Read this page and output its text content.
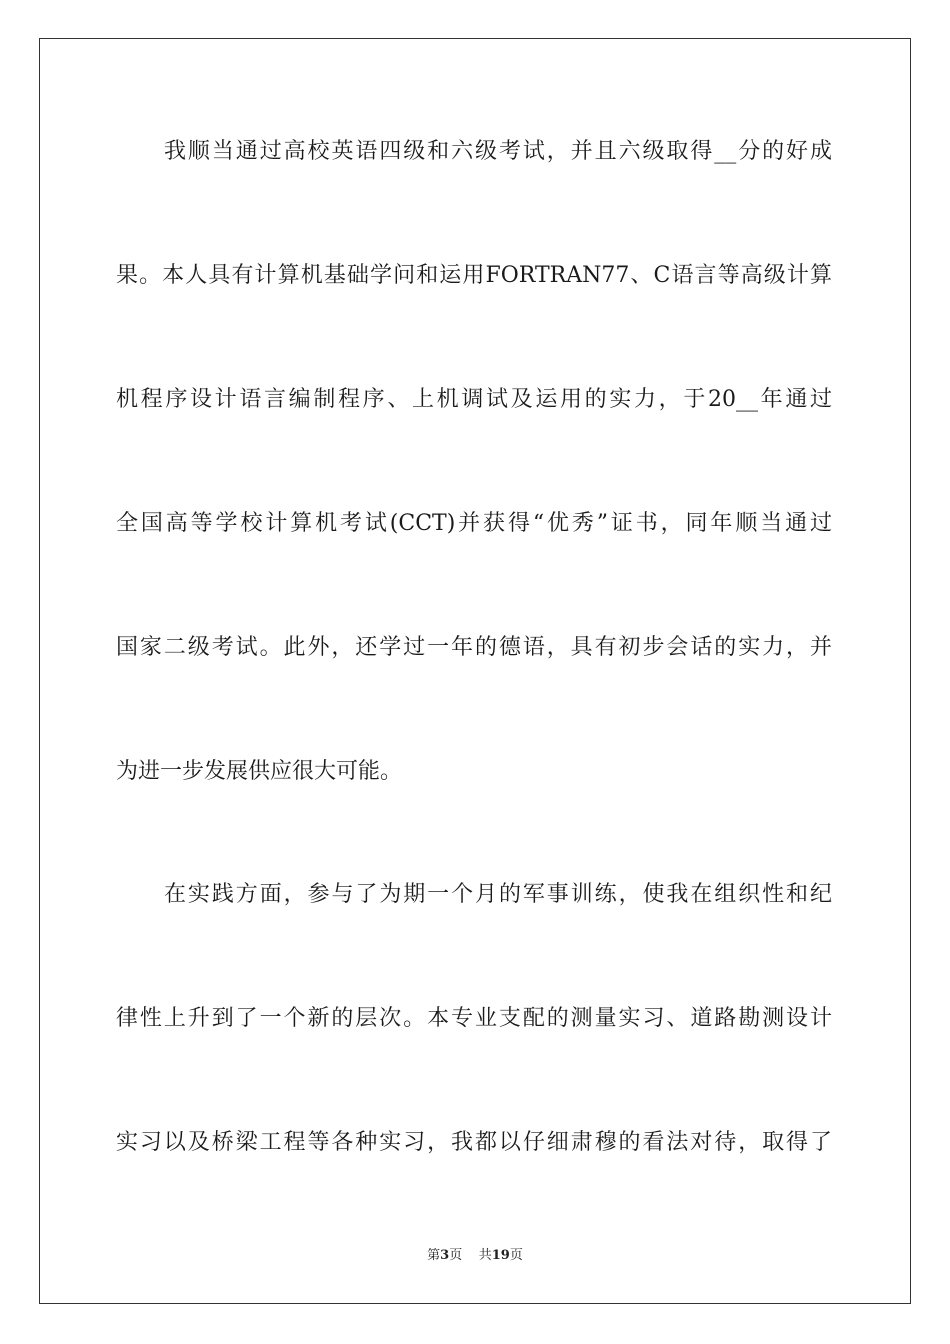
我顺当通过高校英语四级和六级考试，并且六级取得__分的好成
果。本人具有计算机基础学问和运用FORTRAN77、C语言等高级计算
机程序设计语言编制程序、上机调试及运用的实力，于20__年通过
全国高等学校计算机考试(CCT)并获得“优秀”证书，同年顺当通过
国家二级考试。此外，还学过一年的德语，具有初步会话的实力，并
为进一步发展供应很大可能。
在实践方面，参与了为期一个月的军事训练，使我在组织性和纪
律性上升到了一个新的层次。本专业支配的测量实习、道路勘测设计
实习以及桥梁工程等各种实习，我都以仔细肃穆的看法对待，取得了
第3页 共19页
